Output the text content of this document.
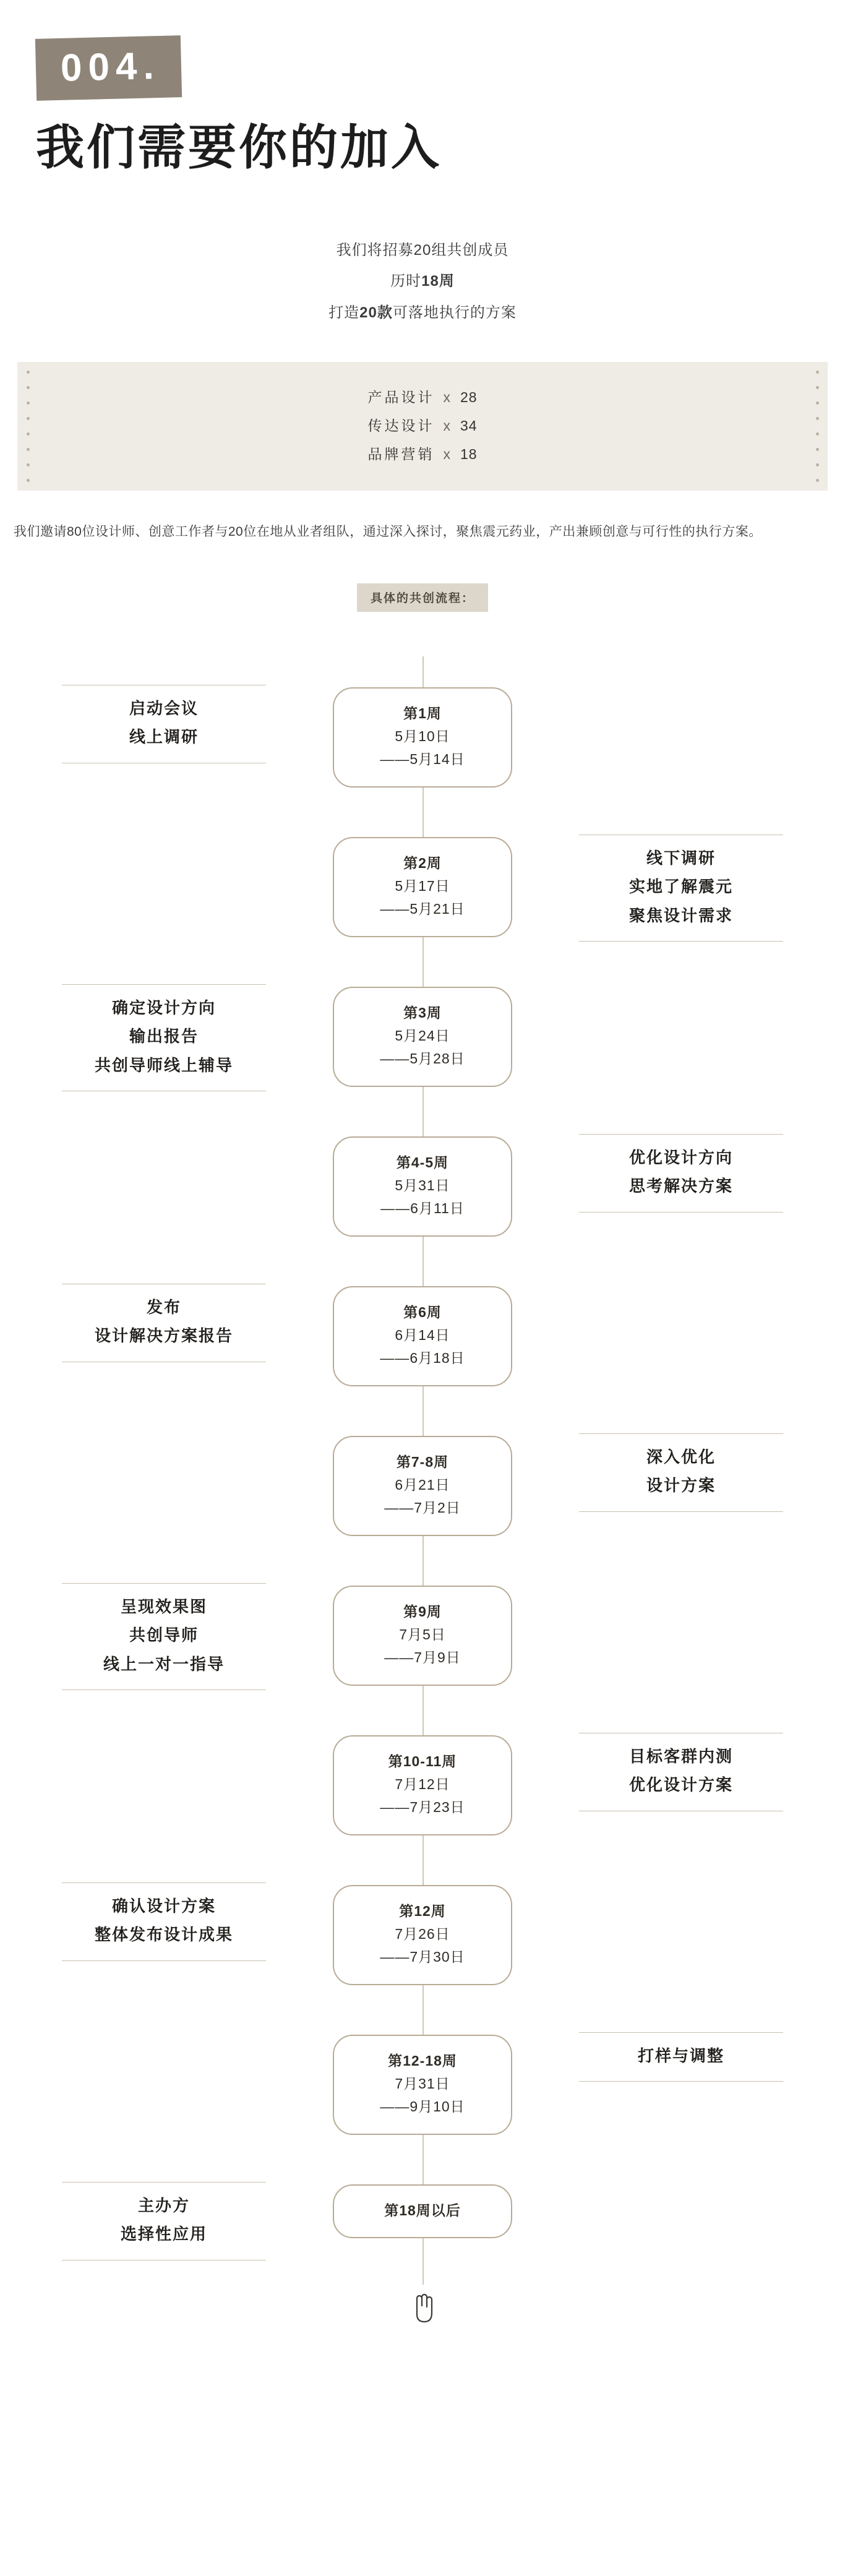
004.
我们需要你的加入
我们将招募20组共创成员
历时18周
打造20款可落地执行的方案
产品设计 x 28
传达设计 x 34
品牌营销 x 18
我们邀请80位设计师、创意工作者与20位在地从业者组队，通过深入探讨，聚焦震元药业，产出兼顾创意与可行性的执行方案。
具体的共创流程：
启动会议
线上调研
第1周
5月10日
——5月14日
第2周
5月17日
——5月21日
线下调研
实地了解震元
聚焦设计需求
确定设计方向
输出报告
共创导师线上辅导
第3周
5月24日
——5月28日
第4-5周
5月31日
——6月11日
优化设计方向
思考解决方案
发布
设计解决方案报告
第6周
6月14日
——6月18日
第7-8周
6月21日
——7月2日
深入优化
设计方案
呈现效果图
共创导师
线上一对一指导
第9周
7月5日
——7月9日
第10-11周
7月12日
——7月23日
目标客群内测
优化设计方案
确认设计方案
整体发布设计成果
第12周
7月26日
——7月30日
第12-18周
7月31日
——9月10日
打样与调整
主办方
选择性应用
第18周以后
